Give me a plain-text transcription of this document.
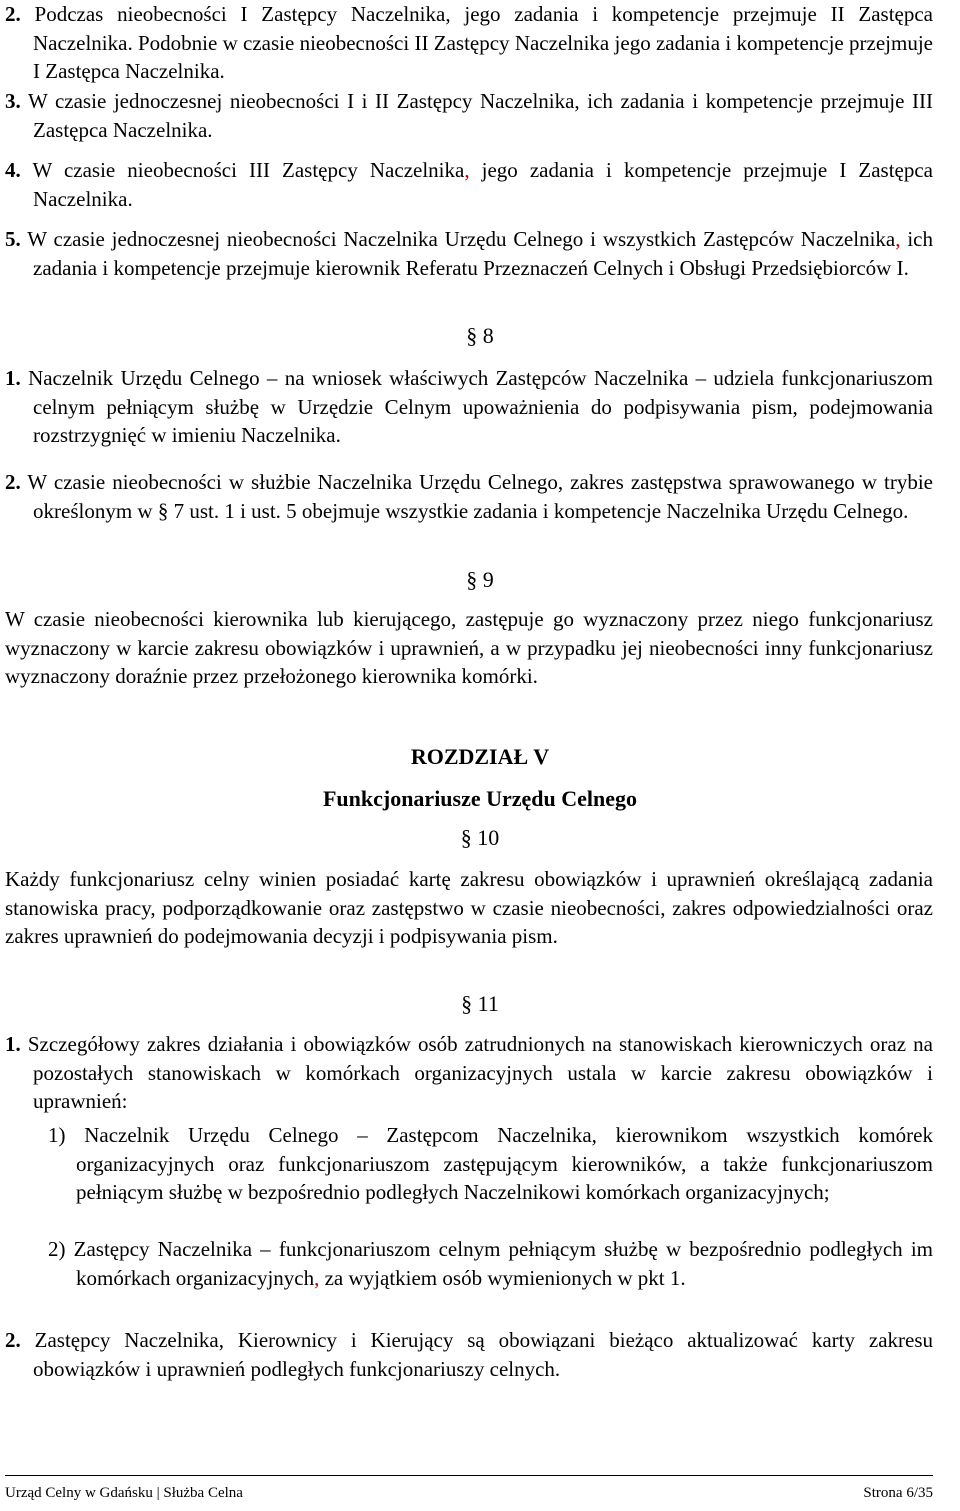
2. Podczas nieobecności I Zastępcy Naczelnika, jego zadania i kompetencje przejmuje II Zastępca Naczelnika. Podobnie w czasie nieobecności II Zastępcy Naczelnika jego zadania i kompetencje przejmuje I Zastępca Naczelnika.
3. W czasie jednoczesnej nieobecności I i II Zastępcy Naczelnika, ich zadania i kompetencje przejmuje III Zastępca Naczelnika.
4. W czasie nieobecności III Zastępcy Naczelnika, jego zadania i kompetencje przejmuje I Zastępca Naczelnika.
5. W czasie jednoczesnej nieobecności Naczelnika Urzędu Celnego i wszystkich Zastępców Naczelnika, ich zadania i kompetencje przejmuje kierownik Referatu Przeznaczeń Celnych i Obsługi Przedsiębiorców I.
§ 8
1. Naczelnik Urzędu Celnego – na wniosek właściwych Zastępców Naczelnika – udziela funkcjonariuszom celnym pełniącym służbę w Urzędzie Celnym upoważnienia do podpisywania pism, podejmowania rozstrzygnięć w imieniu Naczelnika.
2. W czasie nieobecności w służbie Naczelnika Urzędu Celnego, zakres zastępstwa sprawowanego w trybie określonym w § 7 ust. 1 i ust. 5 obejmuje wszystkie zadania i kompetencje Naczelnika Urzędu Celnego.
§ 9
W czasie nieobecności kierownika lub kierującego, zastępuje go wyznaczony przez niego funkcjonariusz wyznaczony w karcie zakresu obowiązków i uprawnień, a w przypadku jej nieobecności inny funkcjonariusz wyznaczony doraźnie przez przełożonego kierownika komórki.
ROZDZIAŁ V
Funkcjonariusze Urzędu Celnego
§ 10
Każdy funkcjonariusz celny winien posiadać kartę zakresu obowiązków i uprawnień określającą zadania stanowiska pracy, podporządkowanie oraz zastępstwo w czasie nieobecności, zakres odpowiedzialności oraz zakres uprawnień do podejmowania decyzji i podpisywania pism.
§ 11
1. Szczegółowy zakres działania i obowiązków osób zatrudnionych na stanowiskach kierowniczych oraz na pozostałych stanowiskach w komórkach organizacyjnych ustala w karcie zakresu obowiązków i uprawnień:
1) Naczelnik Urzędu Celnego – Zastępcom Naczelnika, kierownikom wszystkich komórek organizacyjnych oraz funkcjonariuszom zastępującym kierowników, a także funkcjonariuszom pełniącym służbę w bezpośrednio podległych Naczelnikowi komórkach organizacyjnych;
2) Zastępcy Naczelnika – funkcjonariuszom celnym pełniącym służbę w bezpośrednio podległych im komórkach organizacyjnych, za wyjątkiem osób wymienionych w pkt 1.
2. Zastępcy Naczelnika, Kierownicy i Kierujący są obowiązani bieżąco aktualizować karty zakresu obowiązków i uprawnień podległych funkcjonariuszy celnych.
Urząd Celny w Gdańsku | Służba Celna	Strona 6/35
